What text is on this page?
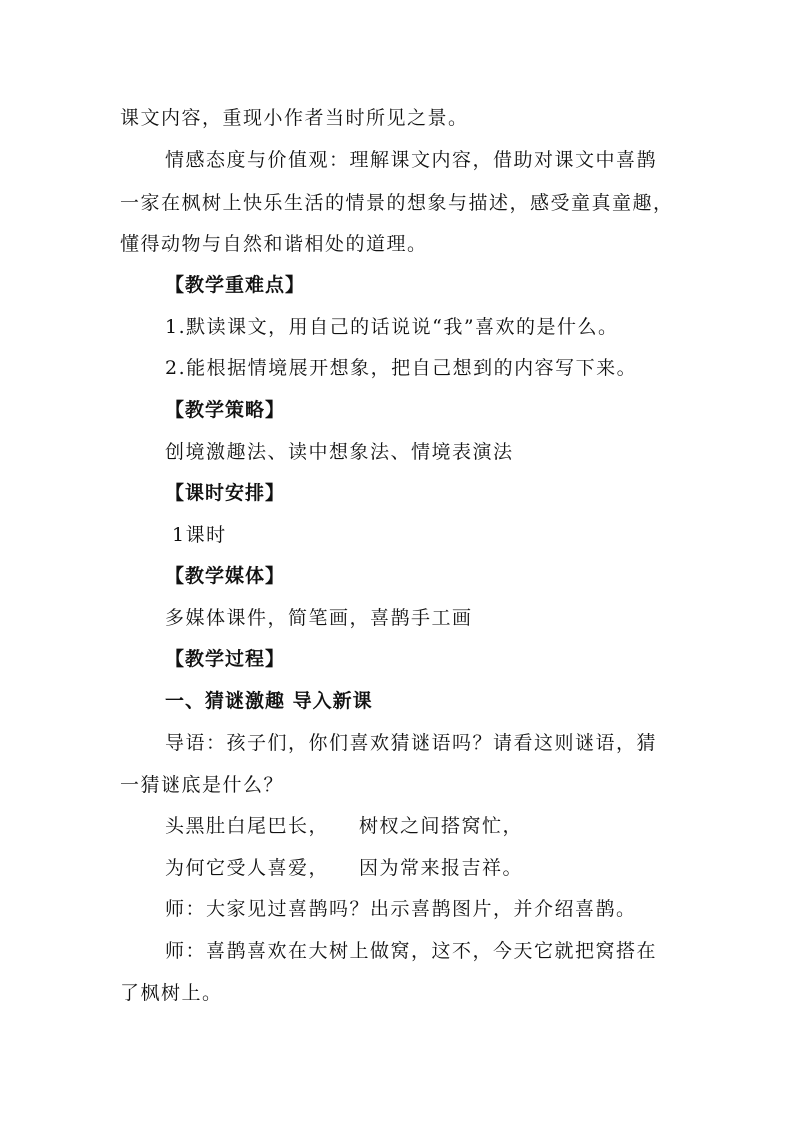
课文内容，重现小作者当时所见之景。
情感态度与价值观：理解课文内容，借助对课文中喜鹊
一家在枫树上快乐生活的情景的想象与描述，感受童真童趣，
懂得动物与自然和谐相处的道理。
【教学重难点】
1.默读课文，用自己的话说说“我”喜欢的是什么。
2.能根据情境展开想象，把自己想到的内容写下来。
【教学策略】
创境激趣法、读中想象法、情境表演法
【课时安排】
1课时
【教学媒体】
多媒体课件，简笔画，喜鹊手工画
【教学过程】
一、猜谜激趣 导入新课
导语：孩子们，你们喜欢猜谜语吗？请看这则谜语，猜
一猜谜底是什么？
头黑肚白尾巴长， 树杈之间搭窝忙，
为何它受人喜爱， 因为常来报吉祥。
师：大家见过喜鹊吗？出示喜鹊图片，并介绍喜鹊。
师：喜鹊喜欢在大树上做窝，这不，今天它就把窝搭在
了枫树上。
